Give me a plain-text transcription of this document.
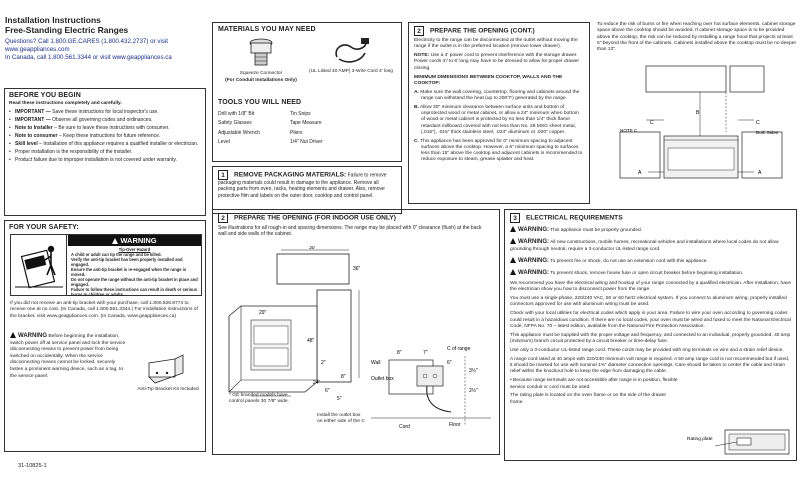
Installation Instructions
Free-Standing Electric Ranges
Questions? Call 1.800.GE.CARES (1.800.432.2737) or visit www.geappliances.com
In Canada, call 1.800.561.3344 or visit www.geappliances.ca
BEFORE YOU BEGIN
Read these instructions completely and carefully.
• IMPORTANT — Save these instructions for local inspector's use.
• IMPORTANT — Observe all governing codes and ordinances.
• Note to Installer – Be sure to leave these instructions with consumer.
• Note to consumer – Keep these instructions for future reference.
• Skill level – Installation of this appliance requires a qualified installer or electrician.
• Proper installation is the responsibility of the installer.
• Product failure due to improper installation is not covered under warranty.
FOR YOUR SAFETY:
WARNING
Tip-Over Hazard
A child or adult can tip the range and be killed.
Verify the anti-tip bracket has been properly installed and engaged.
Ensure the anti-tip bracket is re-engaged when the range is moved.
Do not operate the range without the anti-tip bracket in place and engaged.
Failure to follow these instructions can result in death or serious burns to children or adults.
If you did not receive an anti-tip bracket with your purchase, call 1.800.626.8774 to receive one at no cost. (In Canada, call 1.800.561.3344.) For installation instructions of the bracket, visit www.geappliances.com. (In Canada, www.geappliances.ca)
WARNING Before beginning the installation, switch power off at service panel and lock the service disconnecting means to prevent power from being switched on accidentally. When the service disconnecting means cannot be locked, securely fasten a prominent warning device, such as a tag, to the service panel.
Anti-Tip Bracket Kit Included
31-10825-1
MATERIALS YOU MAY NEED
Squeeze Connector
(For Conduit Installations Only)
(UL Listed 40 AMP) 3-Wire Cord 4' long
TOOLS YOU WILL NEED
Drill with 1/8" Bit
Safety Glasses
Adjustable Wrench
Level
Tin Snips
Tape Measure
Pliers
1/4" Nut Driver
1 REMOVE PACKAGING MATERIALS: Failure to remove packaging materials could result in damage to the appliance. Remove all packing parts from oven, racks, heating elements and drawer. Also, remove protective film and labels on the outer door, cooktop and control panel.
2 PREPARE THE OPENING (FOR INDOOR USE ONLY)
See illustrations for all rough-in and spacing dimensions. The range may be placed with 0" clearance (flush) at the back wall and side walls of the cabinet.
30"
36"
29"
48"
2"
24"
8"
6"
5"
8"	7"
6"
3½"
2½"
Wall
Outlet box
Cord	Floor
C of range
* GE branded models have control panels 30 7/8" wide.
Install the outlet box on either side of the C
2 PREPARE THE OPENING (CONT.)

Electricity to the range can be disconnected at the outlet without moving the range if the outlet is in the preferred location (remove lower drawer).

NOTE: Use a 4' power cord to prevent interference with the storage drawer. Power cords 4'/ to 6' long may have to be dressed to allow for proper drawer closing.

MINIMUM DIMENSIONS BETWEEN COOKTOP, WALLS AND THE COOKTOP:

A. Make sure the wall covering, countertop, flooring and cabinets around the range can withstand the heat (up to 200°F) generated by the range.

B. Allow 30" minimum clearance between surface units and bottom of unprotected wood or metal cabinet, or allow a 24" minimum when bottom of wood or metal cabinet is protected by no less than 1/4" thick flame retardant millboard covered with not less than No. 28 MSG sheet metal, (.015"), .015" thick stainless steel, .024" aluminum or .020" copper.

C. This appliance has been approved for 0" minimum spacing to adjacent surfaces above the cooktop. However, a 6" minimum spacing to surfaces less than 15" above the cooktop and adjacent cabinets is recommended to reduce exposure to steam, grease splatter and heat.

To reduce the risk of burns or fire when reaching over hot surface elements, cabinet storage space above the cooktop should be avoided. If cabinet storage space is to be provided above the cooktop, the risk can be reduced by installing a range hood that projects at least 5" beyond the front of the cabinets. Cabinets installed above the cooktop must be no deeper than 13".
B
A	A
C	C
NOTE C	Both Sides
3 ELECTRICAL REQUIREMENTS

WARNING: This appliance must be properly grounded.

WARNING: All new constructions, mobile homes, recreational vehicles and installations where local codes do not allow grounding through neutral, require a 3-conductor UL-listed range cord.

WARNING: To prevent fire or shock, do not use an extension cord with this appliance.

WARNING: To prevent shock, remove house fuse or open circuit breaker before beginning installation.

We recommend you have the electrical wiring and hookup of your range connected by a qualified electrician. After installation, have the electrician show you how to disconnect power from the range.

You must use a single-phase, 220/240 VAC, 50 or 60 hertz electrical system. If you connect to aluminum wiring, properly installed connectors approved for use with aluminum wiring must be used.

Check with your local utilities for electrical codes which apply in your area. Failure to wire your oven according to governing codes could result in a hazardous condition. If there are no local codes, your oven must be wired and fused to meet the National Electrical Code, NFPA No. 70 – latest edition, available from the National Fire Protection Association.

This appliance must be supplied with the proper voltage and frequency, and connected to an individual, properly grounded, 40 amp (minimum) branch circuit protected by a circuit breaker or time-delay fuse.

Use only a 3-conductor UL-listed range cord. These cords may be provided with ring terminals on wire and a strain relief device.

A range cord rated at 40 amps with 220/240 minimum volt range is required. A 50 amp range cord is not recommended but if used, it should be marked for use with nominal 1⅜" diameter connection openings. Care should be taken to center the cable and strain relief within the knockout hole to keep the edge from damaging the cable.

• Because range terminals are not accessible after range is in position, flexible service conduit or cord must be used.

The rating plate is located on the oven frame or on the side of the drawer frame.

Rating plate
